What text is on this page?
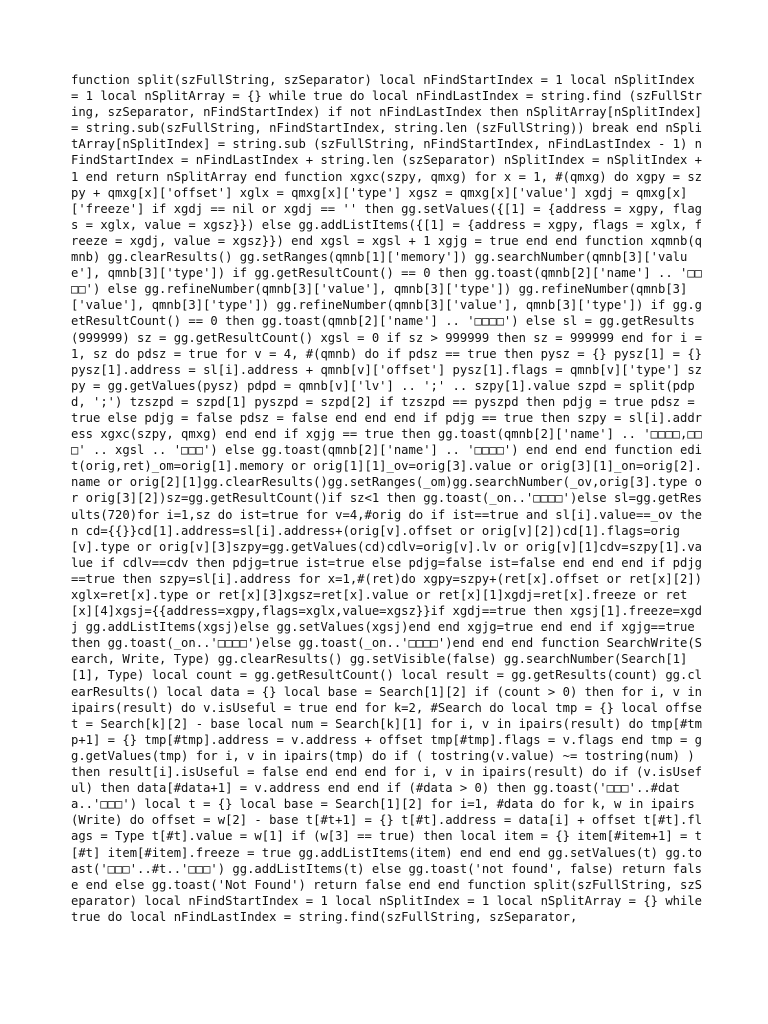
function split(szFullString, szSeparator) local nFindStartIndex = 1 local nSplitIndex = 1 local nSplitArray = {} while true do local nFindLastIndex = string.find (szFullString, szSeparator, nFindStartIndex) if not nFindLastIndex then nSplitArray[nSplitIndex] = string.sub(szFullString, nFindStartIndex, string.len (szFullString)) break end nSplitArray[nSplitIndex] = string.sub (szFullString, nFindStartIndex, nFindLastIndex - 1) nFindStartIndex = nFindLastIndex + string.len (szSeparator) nSplitIndex = nSplitIndex + 1 end return nSplitArray end function xgxc(szpy, qmxg) for x = 1, #(qmxg) do xgpy = szpy + qmxg[x]['offset'] xglx = qmxg[x]['type'] xgsz = qmxg[x]['value'] xgdj = qmxg[x]['freeze'] if xgdj == nil or xgdj == '' then gg.setValues({[1] = {address = xgpy, flags = xglx, value = xgsz}}) else gg.addListItems({[1] = {address = xgpy, flags = xglx, freeze = xgdj, value = xgsz}}) end xgsl = xgsl + 1 xgjg = true end end function xqmnb(qmnb) gg.clearResults() gg.setRanges(qmnb[1]['memory']) gg.searchNumber(qmnb[3]['value'], qmnb[3]['type']) if gg.getResultCount() == 0 then gg.toast(qmnb[2]['name'] .. '□□□□') else gg.refineNumber(qmnb[3]['value'], qmnb[3]['type']) gg.refineNumber(qmnb[3]['value'], qmnb[3]['type']) gg.refineNumber(qmnb[3]['value'], qmnb[3]['type']) if gg.getResultCount() == 0 then gg.toast(qmnb[2]['name'] .. '□□□□') else sl = gg.getResults(999999) sz = gg.getResultCount() xgsl = 0 if sz > 999999 then sz = 999999 end for i = 1, sz do pdsz = true for v = 4, #(qmnb) do if pdsz == true then pysz = {} pysz[1] = {} pysz[1].address = sl[i].address + qmnb[v]['offset'] pysz[1].flags = qmnb[v]['type'] szpy = gg.getValues(pysz) pdpd = qmnb[v]['lv'] .. ';' .. szpy[1].value szpd = split(pdpd, ';') tzszpd = szpd[1] pyszpd = szpd[2] if tzszpd == pyszpd then pdjg = true pdsz = true else pdjg = false pdsz = false end end end if pdjg == true then szpy = sl[i].address xgxc(szpy, qmxg) end end if xgjg == true then gg.toast(qmnb[2]['name'] .. '□□□□,□□□' .. xgsl .. '□□□') else gg.toast(qmnb[2]['name'] .. '□□□□') end end end function edit(orig,ret)_om=orig[1].memory or orig[1][1]_ov=orig[3].value or orig[3][1]_on=orig[2].name or orig[2][1]gg.clearResults()gg.setRanges(_om)gg.searchNumber(_ov,orig[3].type or orig[3][2])sz=gg.getResultCount()if sz<1 then gg.toast(_on..'□□□□')else sl=gg.getResults(720)for i=1,sz do ist=true for v=4,#orig do if ist==true and sl[i].value==_ov then cd={{}}cd[1].address=sl[i].address+(orig[v].offset or orig[v][2])cd[1].flags=orig[v].type or orig[v][3]szpy=gg.getValues(cd)cdlv=orig[v].lv or orig[v][1]cdv=szpy[1].value if cdlv==cdv then pdjg=true ist=true else pdjg=false ist=false end end end if pdjg==true then szpy=sl[i].address for x=1,#(ret)do xgpy=szpy+(ret[x].offset or ret[x][2])xglx=ret[x].type or ret[x][3]xgsz=ret[x].value or ret[x][1]xgdj=ret[x].freeze or ret[x][4]xgsj={{address=xgpy,flags=xglx,value=xgsz}}if xgdj==true then xgsj[1].freeze=xgdj gg.addListItems(xgsj)else gg.setValues(xgsj)end end xgjg=true end end if xgjg==true then gg.toast(_on..'□□□□')else gg.toast(_on..'□□□□')end end end function SearchWrite(Search, Write, Type) gg.clearResults() gg.setVisible(false) gg.searchNumber(Search[1][1], Type) local count = gg.getResultCount() local result = gg.getResults(count) gg.clearResults() local data = {} local base = Search[1][2] if (count > 0) then for i, v in ipairs(result) do v.isUseful = true end for k=2, #Search do local tmp = {} local offset = Search[k][2] - base local num = Search[k][1] for i, v in ipairs(result) do tmp[#tmp+1] = {} tmp[#tmp].address = v.address + offset tmp[#tmp].flags = v.flags end tmp = gg.getValues(tmp) for i, v in ipairs(tmp) do if ( tostring(v.value) ~= tostring(num) ) then result[i].isUseful = false end end end for i, v in ipairs(result) do if (v.isUseful) then data[#data+1] = v.address end end if (#data > 0) then gg.toast('□□□'..#data..'□□□') local t = {} local base = Search[1][2] for i=1, #data do for k, w in ipairs(Write) do offset = w[2] - base t[#t+1] = {} t[#t].address = data[i] + offset t[#t].flags = Type t[#t].value = w[1] if (w[3] == true) then local item = {} item[#item+1] = t[#t] item[#item].freeze = true gg.addListItems(item) end end end gg.setValues(t) gg.toast('□□□'..#t..'□□□') gg.addListItems(t) else gg.toast('not found', false) return false end else gg.toast('Not Found') return false end end function split(szFullString, szSeparator) local nFindStartIndex = 1 local nSplitIndex = 1 local nSplitArray = {} while true do local nFindLastIndex = string.find(szFullString, szSeparator,
